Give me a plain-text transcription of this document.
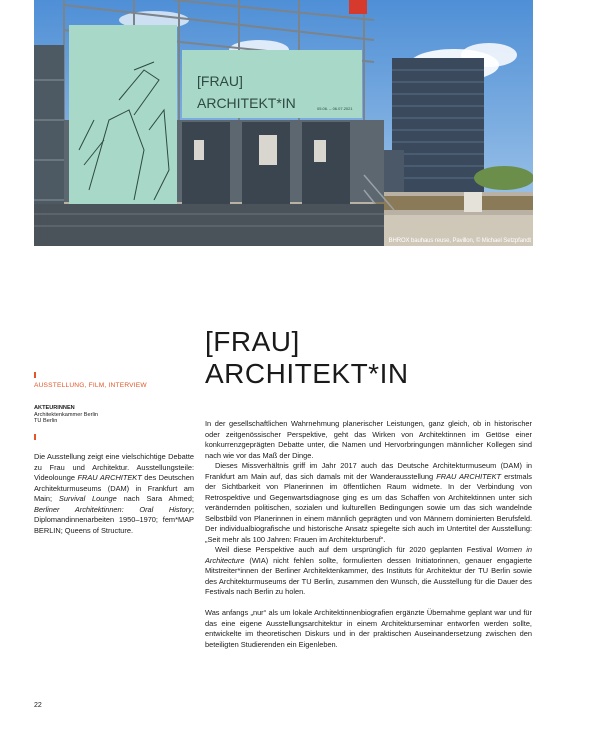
[FRAU]
ARCHITEKT*IN	05.06. – 06.07.2021
BHROX bauhaus reuse, Pavillon, © Michael Setzpfandt
[FRAU]
ARCHITEKT*IN
AUSSTELLUNG, FILM, INTERVIEW
AKTEURINNEN
Architektenkammer Berlin
TU Berlin
Die Ausstellung zeigt eine vielschichtige Debatte zu Frau und Architektur. Ausstellungsteile: Videolounge FRAU ARCHITEKT des Deutschen Architekturmuseums (DAM) in Frankfurt am Main; Survival Lounge nach Sara Ahmed; Berliner Architektinnen: Oral History; Diplomandinnenarbeiten 1950–1970; fem*MAP BERLIN; Queens of Structure.

In der gesellschaftlichen Wahrnehmung planerischer Leistungen, ganz gleich, ob in historischer oder zeitgenössischer Perspektive, geht das Wirken von Architektinnen im Getöse einer konkurrenzgeprägten Debatte unter, die Namen und Hervorbringungen männlicher Kollegen sind nach wie vor das Maß der Dinge.

Dieses Missverhältnis griff im Jahr 2017 auch das Deutsche Architekturmuseum (DAM) in Frankfurt am Main auf, das sich damals mit der Wanderausstellung FRAU ARCHITEKT erstmals der Sichtbarkeit von Planerinnen im öffentlichen Raum widmete. In der Verbindung von Retrospektive und Gegenwartsdiagnose ging es um das Schaffen von Architektinnen unter sich verändernden politischen, sozialen und kulturellen Bedingungen sowie um das sich wandelnde Selbstbild von Planerinnen in einem männlich geprägten und von Männern dominierten Berufsfeld. Der individualbiografische und historische Ansatz spiegelte sich auch im Untertitel der Ausstellung: „Seit mehr als 100 Jahren: Frauen im Architekturberuf“.

Weil diese Perspektive auch auf dem ursprünglich für 2020 geplanten Festival Women in Architecture (WIA) nicht fehlen sollte, formulierten dessen Initiatorinnen, genauer engagierte Mitstreiter*innen der Berliner Architektenkammer, des Instituts für Architektur der TU Berlin sowie des Architekturmuseums der TU Berlin, zusammen den Wunsch, die Ausstellung für die Dauer des Festivals nach Berlin zu holen.

Was anfangs „nur“ als um lokale Architektinnenbiografien ergänzte Übernahme geplant war und für das eine eigene Ausstellungsarchitektur in einem Architekturseminar entworfen werden sollte, entwickelte im theoretischen Diskurs und in der praktischen Auseinandersetzung zwischen den beteiligten Studierenden ein Eigenleben.

22
